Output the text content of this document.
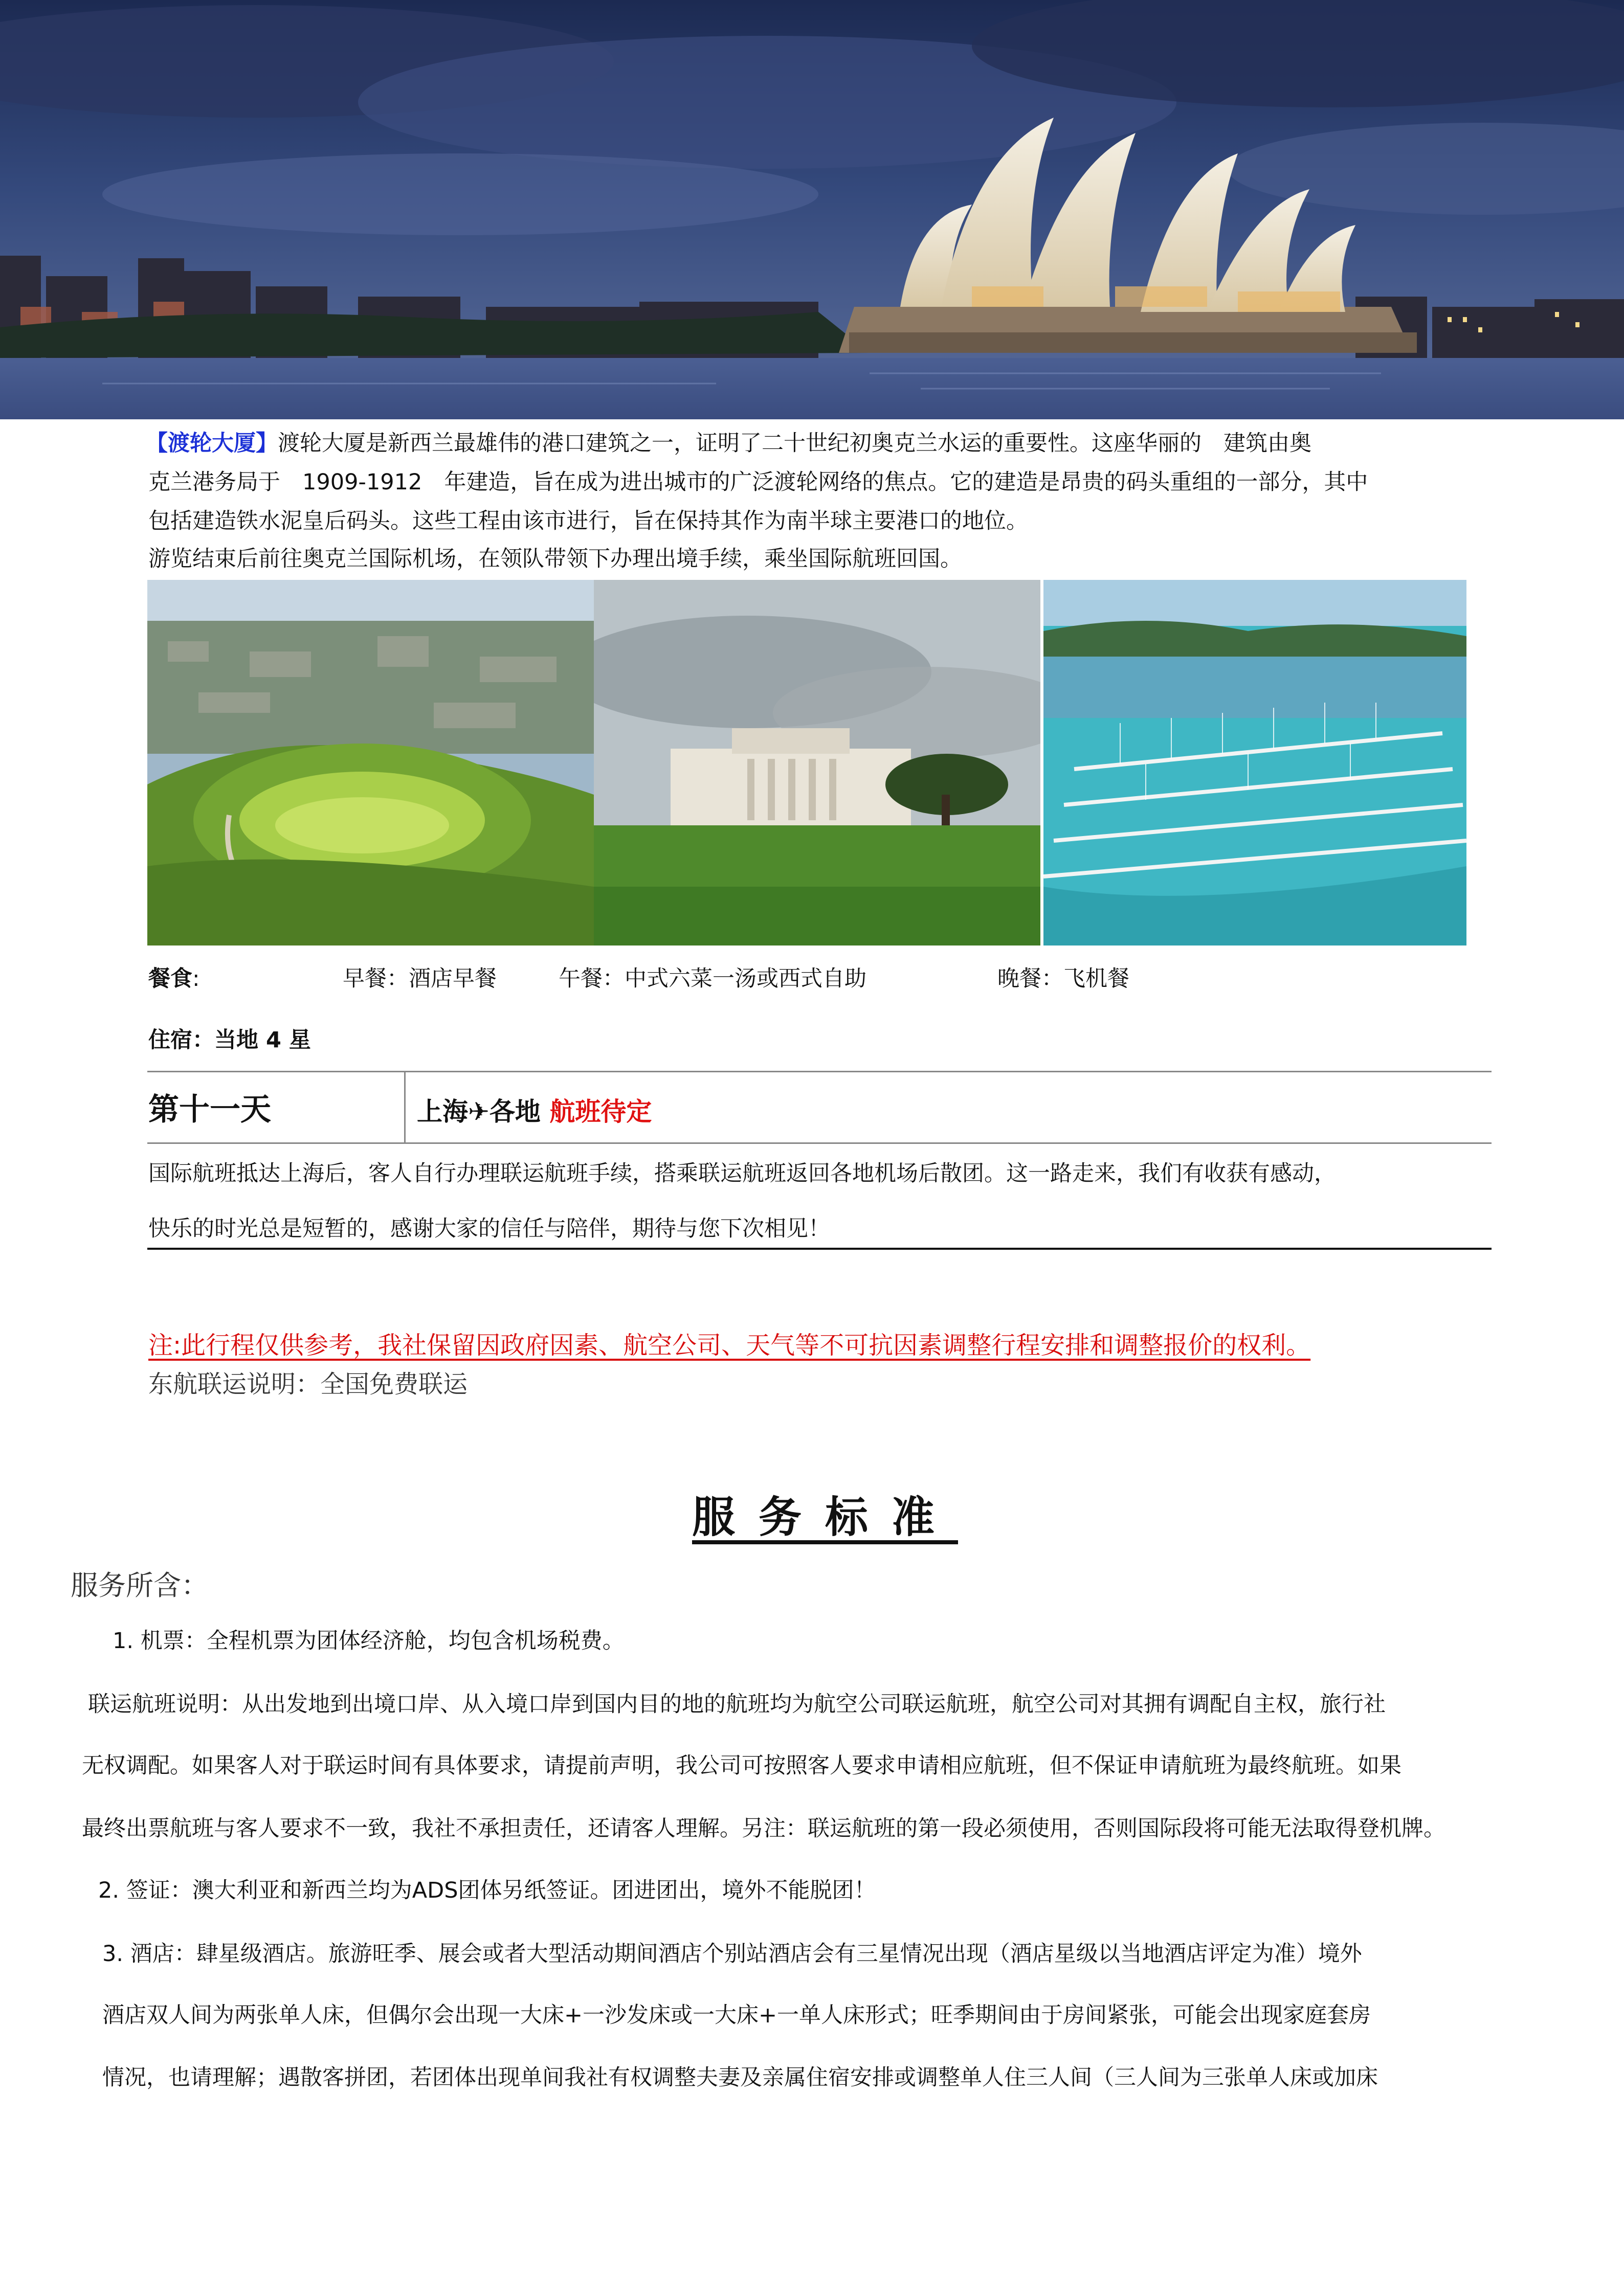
【渡轮大厦】渡轮大厦是新西兰最雄伟的港口建筑之一，证明了二十世纪初奥克兰水运的重要性。这座华丽的　建筑由奥
克兰港务局于　1909-1912　年建造，旨在成为进出城市的广泛渡轮网络的焦点。它的建造是昂贵的码头重组的一部分，其中
包括建造铁水泥皇后码头。这些工程由该市进行，旨在保持其作为南半球主要港口的地位。
游览结束后前往奥克兰国际机场，在领队带领下办理出境手续，乘坐国际航班回国。
餐食:	早餐：酒店早餐	午餐：中式六菜一汤或西式自助	晚餐：飞机餐
住宿：当地 4 星
第十一天	上海✈各地 航班待定
国际航班抵达上海后，客人自行办理联运航班手续，搭乘联运航班返回各地机场后散团。这一路走来，我们有收获有感动，
快乐的时光总是短暂的，感谢大家的信任与陪伴，期待与您下次相见！
注:此行程仅供参考，我社保留因政府因素、航空公司、天气等不可抗因素调整行程安排和调整报价的权利。
东航联运说明：全国免费联运
服务标准
服务所含：
1. 机票：全程机票为团体经济舱，均包含机场税费。
联运航班说明：从出发地到出境口岸、从入境口岸到国内目的地的航班均为航空公司联运航班，航空公司对其拥有调配自主权，旅行社
无权调配。如果客人对于联运时间有具体要求，请提前声明，我公司可按照客人要求申请相应航班，但不保证申请航班为最终航班。如果
最终出票航班与客人要求不一致，我社不承担责任，还请客人理解。另注：联运航班的第一段必须使用，否则国际段将可能无法取得登机牌。
2. 签证：澳大利亚和新西兰均为ADS团体另纸签证。团进团出，境外不能脱团！
3. 酒店：肆星级酒店。旅游旺季、展会或者大型活动期间酒店个别站酒店会有三星情况出现（酒店星级以当地酒店评定为准）境外
酒店双人间为两张单人床，但偶尔会出现一大床+一沙发床或一大床+一单人床形式；旺季期间由于房间紧张，可能会出现家庭套房
情况，也请理解；遇散客拼团，若团体出现单间我社有权调整夫妻及亲属住宿安排或调整单人住三人间（三人间为三张单人床或加床
